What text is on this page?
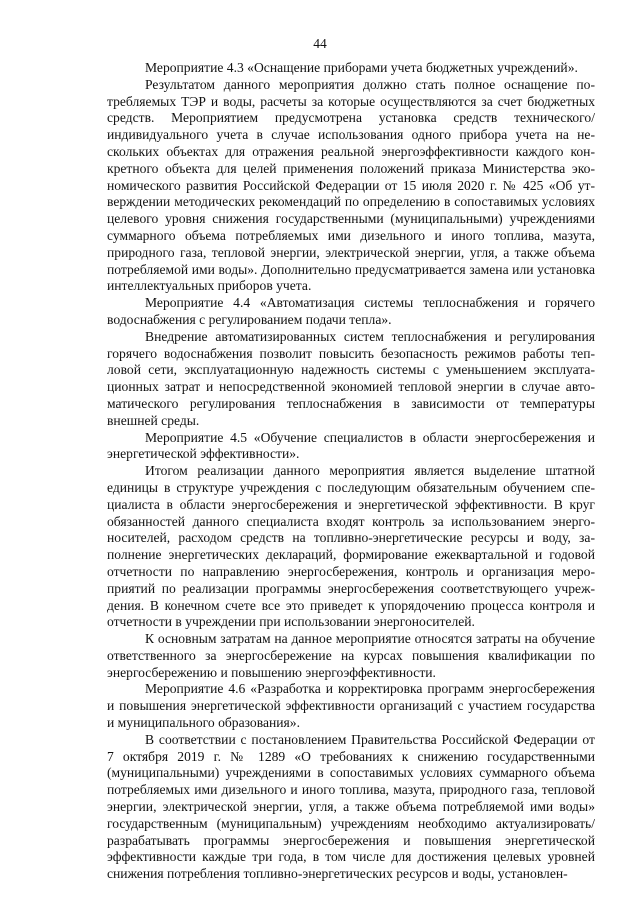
44

Мероприятие 4.3 «Оснащение приборами учета бюджетных учреждений».

Результатом данного мероприятия должно стать полное оснащение потребляемых ТЭР и воды, расчеты за которые осуществляются за счет бюджетных средств. Мероприятием предусмотрена установка средств технического/индивидуального учета в случае использования одного прибора учета на нескольких объектах для отражения реальной энергоэффективности каждого конкретного объекта для целей применения положений приказа Министерства экономического развития Российской Федерации от 15 июля 2020 г. № 425 «Об утверждении методических рекомендаций по определению в сопоставимых условиях целевого уровня снижения государственными (муниципальными) учреждениями суммарного объема потребляемых ими дизельного и иного топлива, мазута, природного газа, тепловой энергии, электрической энергии, угля, а также объема потребляемой ими воды». Дополнительно предусматривается замена или установка интеллектуальных приборов учета.

Мероприятие 4.4 «Автоматизация системы теплоснабжения и горячего водоснабжения с регулированием подачи тепла».

Внедрение автоматизированных систем теплоснабжения и регулирования горячего водоснабжения позволит повысить безопасность режимов работы тепловой сети, эксплуатационную надежность системы с уменьшением эксплуатационных затрат и непосредственной экономией тепловой энергии в случае автоматического регулирования теплоснабжения в зависимости от температуры внешней среды.

Мероприятие 4.5 «Обучение специалистов в области энергосбережения и энергетической эффективности».

Итогом реализации данного мероприятия является выделение штатной единицы в структуре учреждения с последующим обязательным обучением специалиста в области энергосбережения и энергетической эффективности. В круг обязанностей данного специалиста входят контроль за использованием энергоносителей, расходом средств на топливно-энергетические ресурсы и воду, заполнение энергетических деклараций, формирование ежеквартальной и годовой отчетности по направлению энергосбережения, контроль и организация мероприятий по реализации программы энергосбережения соответствующего учреждения. В конечном счете все это приведет к упорядочению процесса контроля и отчетности в учреждении при использовании энергоносителей.

К основным затратам на данное мероприятие относятся затраты на обучение ответственного за энергосбережение на курсах повышения квалификации по энергосбережению и повышению энергоэффективности.

Мероприятие 4.6 «Разработка и корректировка программ энергосбережения и повышения энергетической эффективности организаций с участием государства и муниципального образования».

В соответствии с постановлением Правительства Российской Федерации от 7 октября 2019 г. № 1289 «О требованиях к снижению государственными (муниципальными) учреждениями в сопоставимых условиях суммарного объема потребляемых ими дизельного и иного топлива, мазута, природного газа, тепловой энергии, электрической энергии, угля, а также объема потребляемой ими воды» государственным (муниципальным) учреждениям необходимо актуализировать/разрабатывать программы энергосбережения и повышения энергетической эффективности каждые три года, в том числе для достижения целевых уровней снижения потребления топливно-энергетических ресурсов и воды, установлен-
